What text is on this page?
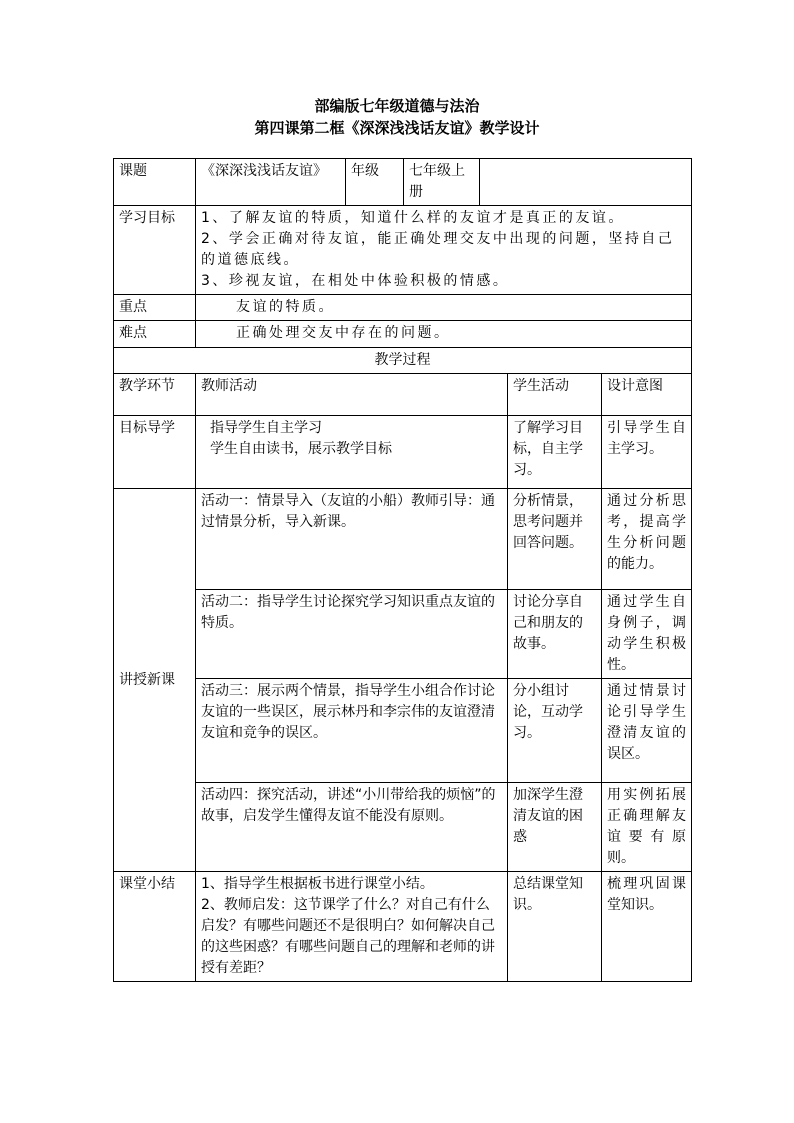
部编版七年级道德与法治
第四课第二框《深深浅浅话友谊》教学设计
课题	《深深浅浅话友谊》	年级	七年级上册			
学习目标	1、了解友谊的特质，知道什么样的友谊才是真正的友谊。
2、学会正确对待友谊，能正确处理交友中出现的问题，坚持自己的道德底线。
3、珍视友谊，在相处中体验积极的情感。					

重点	友谊的特质。					
难点	正确处理交友中存在的问题。					
教学过程						
教学环节	教师活动				学生活动	设计意图
目标导学	指导学生自主学习
学生自由读书，展示教学目标				了解学习目标，自主学习。	引导学生自主学习。
讲授新课	活动一：情景导入（友谊的小船）教师引导：通过情景分析，导入新课。				分析情景，思考问题并回答问题。	通过分析思考，提高学生分析问题的能力。
	活动二：指导学生讨论探究学习知识重点友谊的特质。				讨论分享自己和朋友的故事。	通过学生自身例子，调动学生积极性。
	活动三：展示两个情景，指导学生小组合作讨论友谊的一些误区，展示林丹和李宗伟的友谊澄清友谊和竞争的误区。				分小组讨论，互动学习。	通过情景讨论引导学生澄清友谊的误区。
	活动四：探究活动，讲述“小川带给我的烦恼”的故事，启发学生懂得友谊不能没有原则。				加深学生澄清友谊的困惑	用实例拓展正确理解友谊要有原则。
课堂小结	1、指导学生根据板书进行课堂小结。
2、教师启发：这节课学了什么？对自己有什么启发？有哪些问题还不是很明白？如何解决自己的这些困惑？有哪些问题自己的理解和老师的讲授有差距？				总结课堂知识。	梳理巩固课堂知识。
